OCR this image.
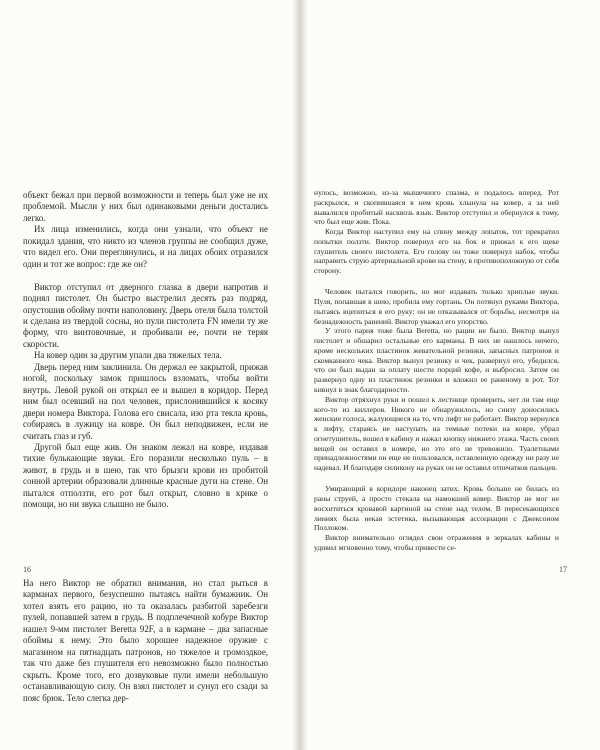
объект бежал при первой возможности и теперь был уже не их проблемой. Мысли у них был одинаковыми деньги достались легко.

Их лица изменились, когда они узнали, что объект не покидал здания, что никто из членов группы не сообщил дуже, что видел его. Они переглянулись, и на лицах обоих отразился один и тот же вопрос: где же он?

Виктор отступил от дверного глазка в двери напротив и поднял пистолет. Он быстро выстрелил десять раз подряд, опустошив обойму почти наполовину. Дверь отеля была толстой и сделана из твердой сосны, но пули пистолета FN имели ту же форму, что винтовочные, и пробивали ее, почти не теряя скорости.

На ковер один за другим упали два тяжелых тела.

Дверь перед ним заклинила. Он держал ее закрытой, прижав ногой, поскольку замок пришлось взломать, чтобы войти внутрь. Левой рукой он открыл ее и вышел в коридор. Перед ним был осевший на пол человек, прислонившийся к косяку двери номера Виктора. Голова его свисала, изо рта текла кровь, собираясь в лужицу на ковре. Он был неподвижен, если не считать глаз и губ.

Другой был еще жив. Он знаком лежал на ковре, издавая тихие булькающие звуки. Его поразили несколько пуль – в живот, в грудь и в шею, так что брызги крови из пробитой сонной артерии образовали длинные красные дуги на стене. Он пытался отползти, его рот был открыт, словно в крике о помощи, но ни звука слышно не было.

16

нулось, возможно, из-за мышечного спазма, и подалось вперед. Рот раскрылся, и скопившаяся в нем кровь хлынула на ковер, а за ней вывалился пробитый насквозь язык. Виктор отступил и обернулся к тому, что был еще жив. Пока.

Когда Виктор наступил ему на спину между лопаток, тот прекратил попытки ползти. Виктор повернул его на бок и прижал к его щеке глушитель своего пистолета. Его голову он тоже повернул набок, чтобы направить струю артериальной крови на стену, в противоположную от себя сторону.

Человек пытался говорить, но мог издавать только хриплые звуки. Пуля, попавшая в шею, пробила ему гортань. Он потянул руками Виктора, пытаясь вцепиться в его руку: он не отказывался от борьбы, несмотря на безнадежность ранений. Виктор уважал его упорство.

У этого парня тоже была Beretta, но рации не было. Виктор вынул пистолет и обшарил остальные его карманы. В них не нашлось ничего, кроме нескольких пластинок жевательной резинки, запасных патронов и скомканного чека. Виктор вынул резинку и чек, развернул его, убедился, что он был выдан за оплату шести порций кофе, и выбросил. Затем он развернул одну из пластинок резинки и вложил ее раненому в рот. Тот кивнул в знак благодарности.

Виктор отряхнул руки и пошел к лестнице проверить, нет ли там еще кого-то из киллеров. Никого не обнаружилось, но снизу доносились женские голоса, жалующиеся на то, что лифт не работает. Виктор вернулся к лифту, стараясь не наступать на темные потеки на ковре, убрал огнетушитель, вошел в кабину и нажал кнопку нижнего этажа. Часть своих вещей он оставил в номере, но это его не тревожило. Туалетными принадлежностями он еще не пользовался, оставленную одежду ни разу не надевал. И благодаря силикону на руках он не оставил отпечатков пальцев.

Умирающий в коридоре наконец затих. Кровь больше не билась из раны струей, а просто стекала на намокший ковер. Виктор не мог не восхититься кровавой картиной на стене над телом. В пересекающихся линиях была некая эстетика, вызывающая ассоциации с Джексоном Поллоком.

Виктор внимательно оглядел свои отражения в зеркалах кабины и удивил мгновенно тому, чтобы привести се-

17

На него Виктор не обратил внимания, но стал рыться в карманах первого, безуспешно пытаясь найти бумажник. Он хотел взять его рацию, но та оказалась разбитой заребезги пулей, попавшей затем в грудь. В подплечечной кобуре Виктор нашел 9-мм пистолет Beretta 92F, а в кармане – два запасные обоймы к нему. Это было хорошее надежное оружие с магазином на пятнадцать патронов, но тяжелое и громоздкое, так что даже без глушителя его невозможно было полностью скрыть. Кроме того, его дозвуковые пули имели небольшую останавливающую силу. Он взял пистолет и сунул его сзади за пояс брюк. Тело слегка дер-
